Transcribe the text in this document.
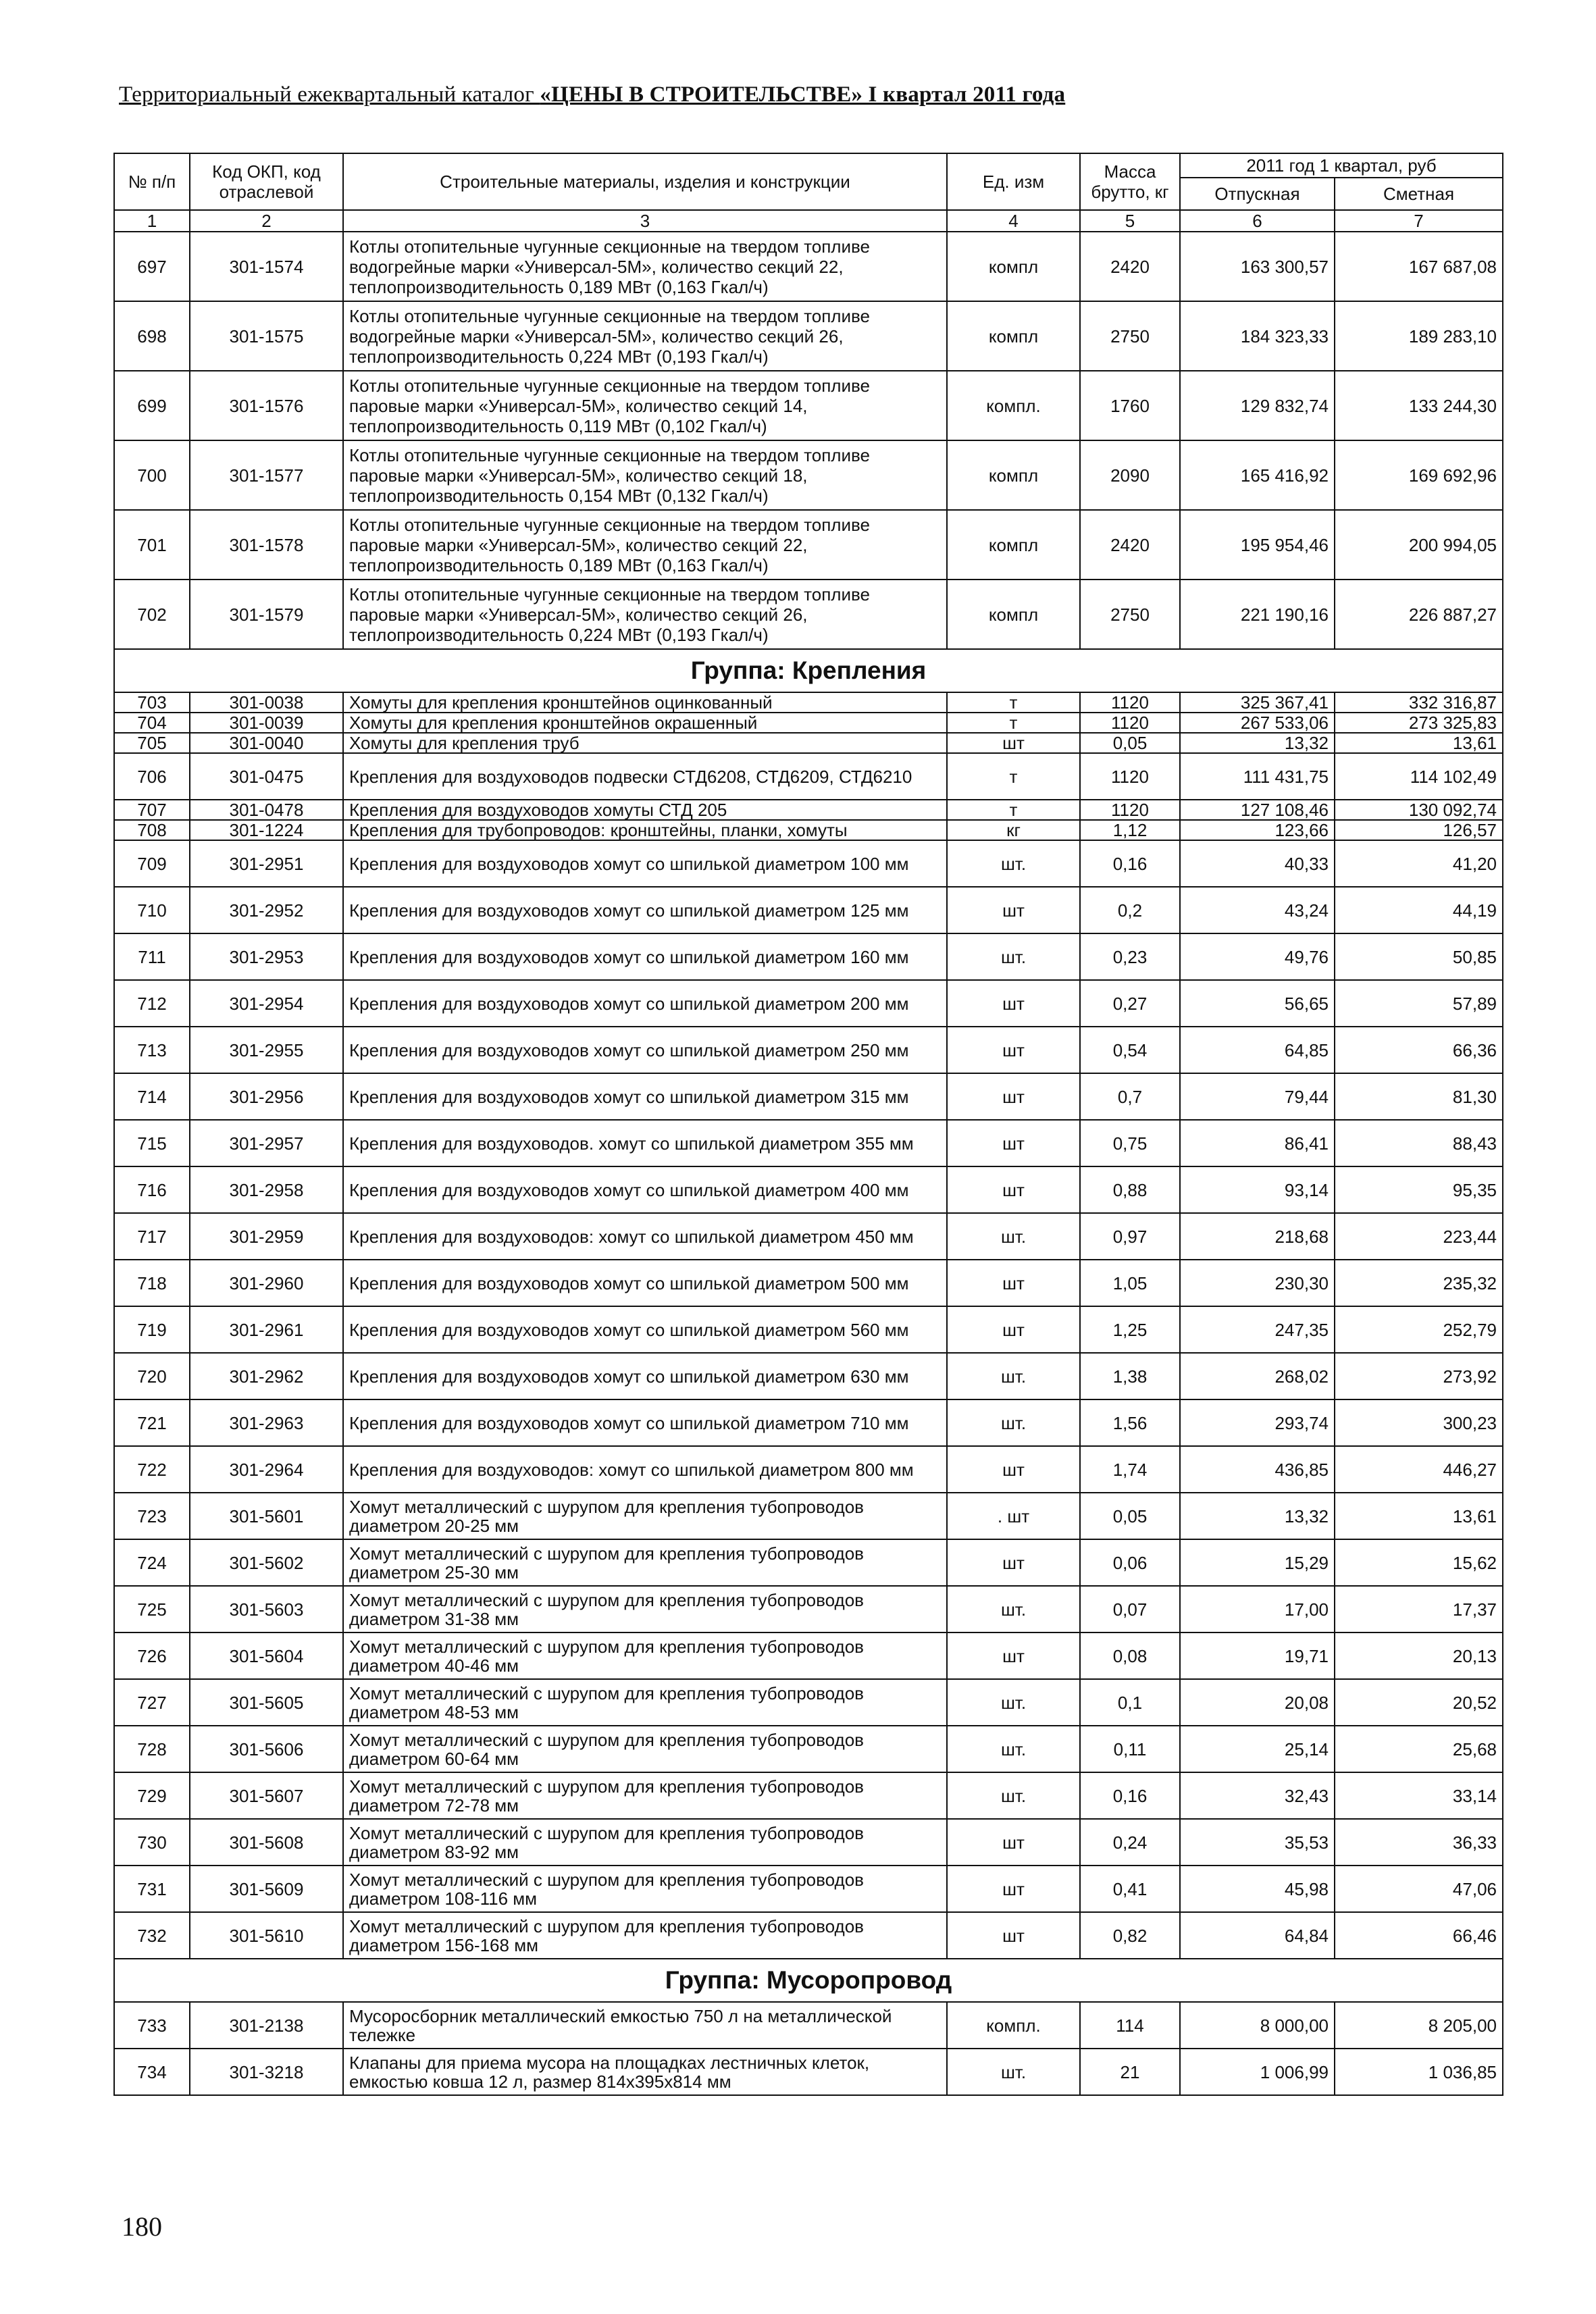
Территориальный ежеквартальный каталог «ЦЕНЫ В СТРОИТЕЛЬСТВЕ» I квартал 2011 года
№ п/п	Код ОКП, код отраслевой	Строительные материалы, изделия и конструкции	Ед. изм	Масса брутто, кг	2011 год 1 квартал, руб	
					Отпускная	Сметная
1	2	3	4	5	6	7
697	301-1574	Котлы отопительные чугунные секционные на твердом топливе водогрейные марки «Универсал-5М», количество секций 22, теплопроизводительность 0,189 МВт (0,163 Гкал/ч)	компл	2420	163 300,57	167 687,08
698	301-1575	Котлы отопительные чугунные секционные на твердом топливе водогрейные марки «Универсал-5М», количество секций 26, теплопроизводительность 0,224 МВт (0,193 Гкал/ч)	компл	2750	184 323,33	189 283,10
699	301-1576	Котлы отопительные чугунные секционные на твердом топливе паровые марки «Универсал-5М», количество секций 14, теплопроизводительность 0,119 МВт (0,102 Гкал/ч)	компл.	1760	129 832,74	133 244,30
700	301-1577	Котлы отопительные чугунные секционные на твердом топливе паровые марки «Универсал-5М», количество секций 18, теплопроизводительность 0,154 МВт (0,132 Гкал/ч)	компл	2090	165 416,92	169 692,96
701	301-1578	Котлы отопительные чугунные секционные на твердом топливе паровые марки «Универсал-5М», количество секций 22, теплопроизводительность 0,189 МВт (0,163 Гкал/ч)	компл	2420	195 954,46	200 994,05
702	301-1579	Котлы отопительные чугунные секционные на твердом топливе паровые марки «Универсал-5М», количество секций 26, теплопроизводительность 0,224 МВт (0,193 Гкал/ч)	компл	2750	221 190,16	226 887,27
Группа: Крепления						
703	301-0038	Хомуты для крепления кронштейнов оцинкованный	т	1120	325 367,41	332 316,87
704	301-0039	Хомуты для крепления кронштейнов окрашенный	т	1120	267 533,06	273 325,83
705	301-0040	Хомуты для крепления труб	шт	0,05	13,32	13,61
706	301-0475	Крепления для воздуховодов подвески СТД6208, СТД6209, СТД6210	т	1120	111 431,75	114 102,49
707	301-0478	Крепления для воздуховодов хомуты СТД 205	т	1120	127 108,46	130 092,74
708	301-1224	Крепления для трубопроводов: кронштейны, планки, хомуты	кг	1,12	123,66	126,57
709	301-2951	Крепления для воздуховодов хомут со шпилькой диаметром 100 мм	шт.	0,16	40,33	41,20
710	301-2952	Крепления для воздуховодов хомут со шпилькой диаметром 125 мм	шт	0,2	43,24	44,19
711	301-2953	Крепления для воздуховодов хомут со шпилькой диаметром 160 мм	шт.	0,23	49,76	50,85
712	301-2954	Крепления для воздуховодов хомут со шпилькой диаметром 200 мм	шт	0,27	56,65	57,89
713	301-2955	Крепления для воздуховодов хомут со шпилькой диаметром 250 мм	шт	0,54	64,85	66,36
714	301-2956	Крепления для воздуховодов хомут со шпилькой диаметром 315 мм	шт	0,7	79,44	81,30
715	301-2957	Крепления для воздуховодов. хомут со шпилькой диаметром 355 мм	шт	0,75	86,41	88,43
716	301-2958	Крепления для воздуховодов хомут со шпилькой диаметром 400 мм	шт	0,88	93,14	95,35
717	301-2959	Крепления для воздуховодов: хомут со шпилькой диаметром 450 мм	шт.	0,97	218,68	223,44
718	301-2960	Крепления для воздуховодов хомут со шпилькой диаметром 500 мм	шт	1,05	230,30	235,32
719	301-2961	Крепления для воздуховодов хомут со шпилькой диаметром 560 мм	шт	1,25	247,35	252,79
720	301-2962	Крепления для воздуховодов хомут со шпилькой диаметром 630 мм	шт.	1,38	268,02	273,92
721	301-2963	Крепления для воздуховодов хомут со шпилькой диаметром 710 мм	шт.	1,56	293,74	300,23
722	301-2964	Крепления для воздуховодов: хомут со шпилькой диаметром 800 мм	шт	1,74	436,85	446,27
723	301-5601	Хомут металлический с шурупом для крепления тубопроводов диаметром 20-25 мм	. шт	0,05	13,32	13,61
724	301-5602	Хомут металлический с шурупом для крепления тубопроводов диаметром 25-30 мм	шт	0,06	15,29	15,62
725	301-5603	Хомут металлический с шурупом для крепления тубопроводов диаметром 31-38 мм	шт.	0,07	17,00	17,37
726	301-5604	Хомут металлический с шурупом для крепления тубопроводов диаметром 40-46 мм	шт	0,08	19,71	20,13
727	301-5605	Хомут металлический с шурупом для крепления тубопроводов диаметром 48-53 мм	шт.	0,1	20,08	20,52
728	301-5606	Хомут металлический с шурупом для крепления тубопроводов диаметром 60-64 мм	шт.	0,11	25,14	25,68
729	301-5607	Хомут металлический с шурупом для крепления тубопроводов диаметром 72-78 мм	шт.	0,16	32,43	33,14
730	301-5608	Хомут металлический с шурупом для крепления тубопроводов диаметром 83-92 мм	шт	0,24	35,53	36,33
731	301-5609	Хомут металлический с шурупом для крепления тубопроводов диаметром 108-116 мм	шт	0,41	45,98	47,06
732	301-5610	Хомут металлический с шурупом для крепления тубопроводов диаметром 156-168 мм	шт	0,82	64,84	66,46
Группа: Мусоропровод						
733	301-2138	Мусоросборник металлический емкостью 750 л на металлической тележке	компл.	114	8 000,00	8 205,00
734	301-3218	Клапаны для приема мусора на площадках лестничных клеток, емкостью ковша 12 л, размер 814х395х814 мм	шт.	21	1 006,99	1 036,85
180
